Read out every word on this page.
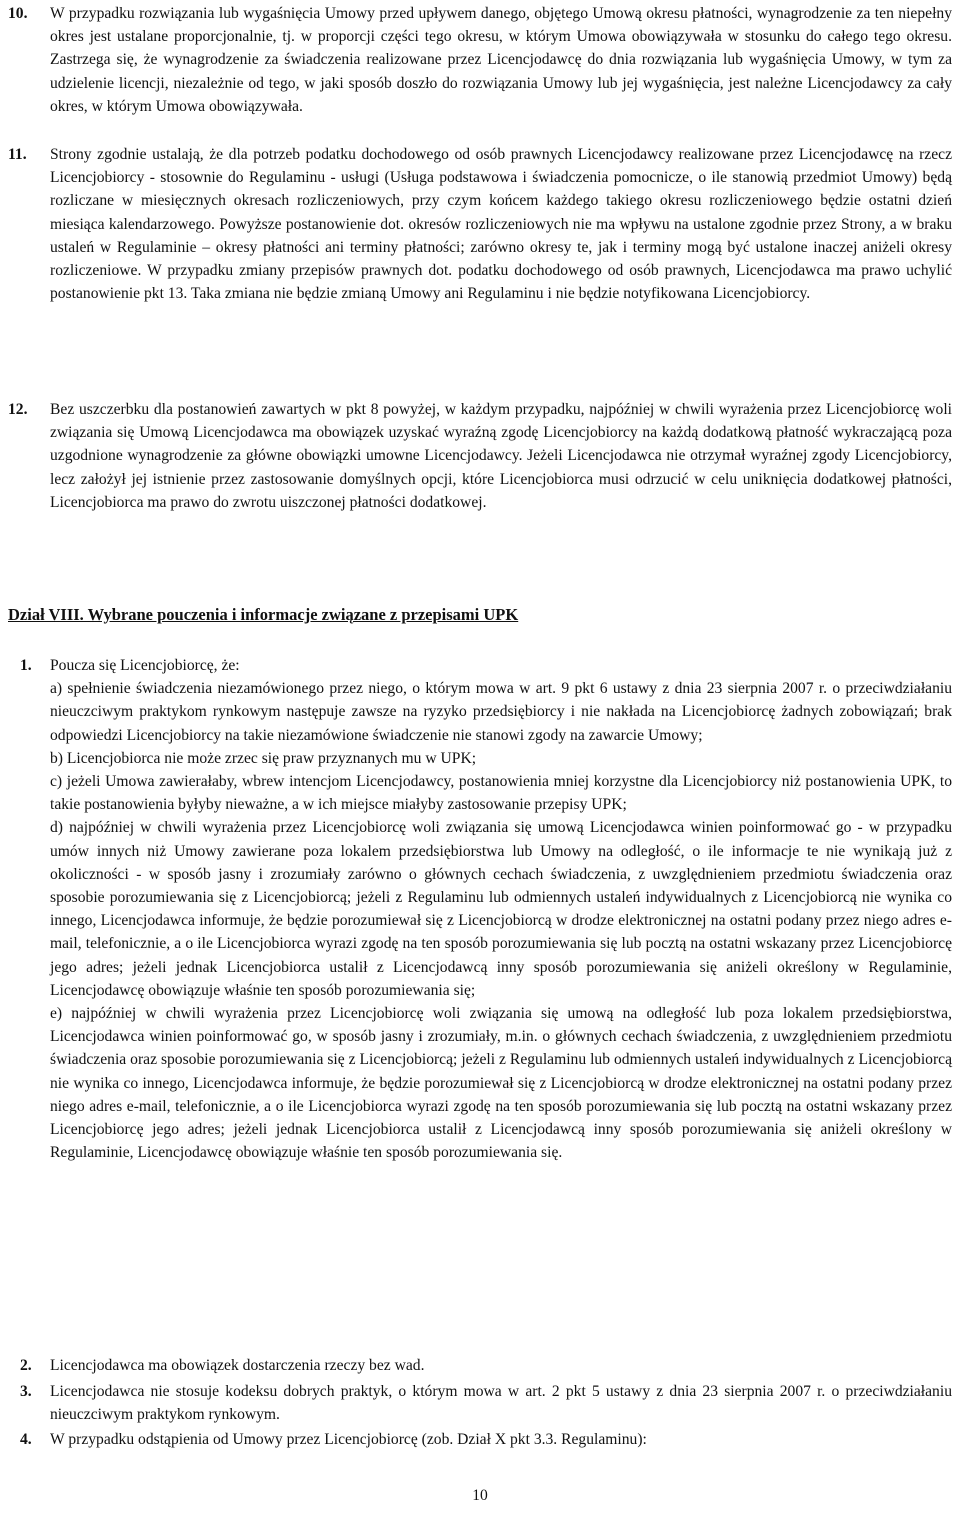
10. W przypadku rozwiązania lub wygaśnięcia Umowy przed upływem danego, objętego Umową okresu płatności, wynagrodzenie za ten niepełny okres jest ustalane proporcjonalnie, tj. w proporcji części tego okresu, w którym Umowa obowiązywała w stosunku do całego tego okresu. Zastrzega się, że wynagrodzenie za świadczenia realizowane przez Licencjodawcę do dnia rozwiązania lub wygaśnięcia Umowy, w tym za udzielenie licencji, niezależnie od tego, w jaki sposób doszło do rozwiązania Umowy lub jej wygaśnięcia, jest należne Licencjodawcy za cały okres, w którym Umowa obowiązywała.

11. Strony zgodnie ustalają, że dla potrzeb podatku dochodowego od osób prawnych Licencjodawcy realizowane przez Licencjodawcę na rzecz Licencjobiorcy - stosownie do Regulaminu - usługi (Usługa podstawowa i świadczenia pomocnicze, o ile stanowią przedmiot Umowy) będą rozliczane w miesięcznych okresach rozliczeniowych, przy czym końcem każdego takiego okresu rozliczeniowego będzie ostatni dzień miesiąca kalendarzowego. Powyższe postanowienie dot. okresów rozliczeniowych nie ma wpływu na ustalone zgodnie przez Strony, a w braku ustaleń w Regulaminie – okresy płatności ani terminy płatności; zarówno okresy te, jak i terminy mogą być ustalone inaczej aniżeli okresy rozliczeniowe. W przypadku zmiany przepisów prawnych dot. podatku dochodowego od osób prawnych, Licencjodawca ma prawo uchylić postanowienie pkt 13. Taka zmiana nie będzie zmianą Umowy ani Regulaminu i nie będzie notyfikowana Licencjobiorcy.

12. Bez uszczerbku dla postanowień zawartych w pkt 8 powyżej, w każdym przypadku, najpóźniej w chwili wyrażenia przez Licencjobiorcę woli związania się Umową Licencjodawca ma obowiązek uzyskać wyraźną zgodę Licencjobiorcy na każdą dodatkową płatność wykraczającą poza uzgodnione wynagrodzenie za główne obowiązki umowne Licencjodawcy. Jeżeli Licencjodawca nie otrzymał wyraźnej zgody Licencjobiorcy, lecz założył jej istnienie przez zastosowanie domyślnych opcji, które Licencjobiorca musi odrzucić w celu uniknięcia dodatkowej płatności, Licencjobiorca ma prawo do zwrotu uiszczonej płatności dodatkowej.

Dział VIII. Wybrane pouczenia i informacje związane z przepisami UPK
1. Poucza się Licencjobiorcę, że:

a) spełnienie świadczenia niezamówionego przez niego, o którym mowa w art. 9 pkt 6 ustawy z dnia 23 sierpnia 2007 r. o przeciwdziałaniu nieuczciwym praktykom rynkowym następuje zawsze na ryzyko przedsiębiorcy i nie nakłada na Licencjobiorcę żadnych zobowiązań; brak odpowiedzi Licencjobiorcy na takie niezamówione świadczenie nie stanowi zgody na zawarcie Umowy;

b) Licencjobiorca nie może zrzec się praw przyznanych mu w UPK;

c) jeżeli Umowa zawierałaby, wbrew intencjom Licencjodawcy, postanowienia mniej korzystne dla Licencjobiorcy niż postanowienia UPK, to takie postanowienia byłyby nieważne, a w ich miejsce miałyby zastosowanie przepisy UPK;

d) najpóźniej w chwili wyrażenia przez Licencjobiorcę woli związania się umową Licencjodawca winien poinformować go - w przypadku umów innych niż Umowy zawierane poza lokalem przedsiębiorstwa lub Umowy na odległość, o ile informacje te nie wynikają już z okoliczności - w sposób jasny i zrozumiały zarówno o głównych cechach świadczenia, z uwzględnieniem przedmiotu świadczenia oraz sposobie porozumiewania się z Licencjobiorcą; jeżeli z Regulaminu lub odmiennych ustaleń indywidualnych z Licencjobiorcą nie wynika co innego, Licencjodawca informuje, że będzie porozumiewał się z Licencjobiorcą w drodze elektronicznej na ostatni podany przez niego adres e-mail, telefonicznie, a o ile Licencjobiorca wyrazi zgodę na ten sposób porozumiewania się lub pocztą na ostatni wskazany przez Licencjobiorcę jego adres; jeżeli jednak Licencjobiorca ustalił z Licencjodawcą inny sposób porozumiewania się aniżeli określony w Regulaminie, Licencjodawcę obowiązuje właśnie ten sposób porozumiewania się;

e) najpóźniej w chwili wyrażenia przez Licencjobiorcę woli związania się umową na odległość lub poza lokalem przedsiębiorstwa, Licencjodawca winien poinformować go, w sposób jasny i zrozumiały, m.in. o głównych cechach świadczenia, z uwzględnieniem przedmiotu świadczenia oraz sposobie porozumiewania się z Licencjobiorcą; jeżeli z Regulaminu lub odmiennych ustaleń indywidualnych z Licencjobiorcą nie wynika co innego, Licencjodawca informuje, że będzie porozumiewał się z Licencjobiorcą w drodze elektronicznej na ostatni podany przez niego adres e-mail, telefonicznie, a o ile Licencjobiorca wyrazi zgodę na ten sposób porozumiewania się lub pocztą na ostatni wskazany przez Licencjobiorcę jego adres; jeżeli jednak Licencjobiorca ustalił z Licencjodawcą inny sposób porozumiewania się aniżeli określony w Regulaminie, Licencjodawcę obowiązuje właśnie ten sposób porozumiewania się.

2. Licencjodawca ma obowiązek dostarczenia rzeczy bez wad.

3. Licencjodawca nie stosuje kodeksu dobrych praktyk, o którym mowa w art. 2 pkt 5 ustawy z dnia 23 sierpnia 2007 r. o przeciwdziałaniu nieuczciwym praktykom rynkowym.

4. W przypadku odstąpienia od Umowy przez Licencjobiorcę (zob. Dział X pkt 3.3. Regulaminu):

10
